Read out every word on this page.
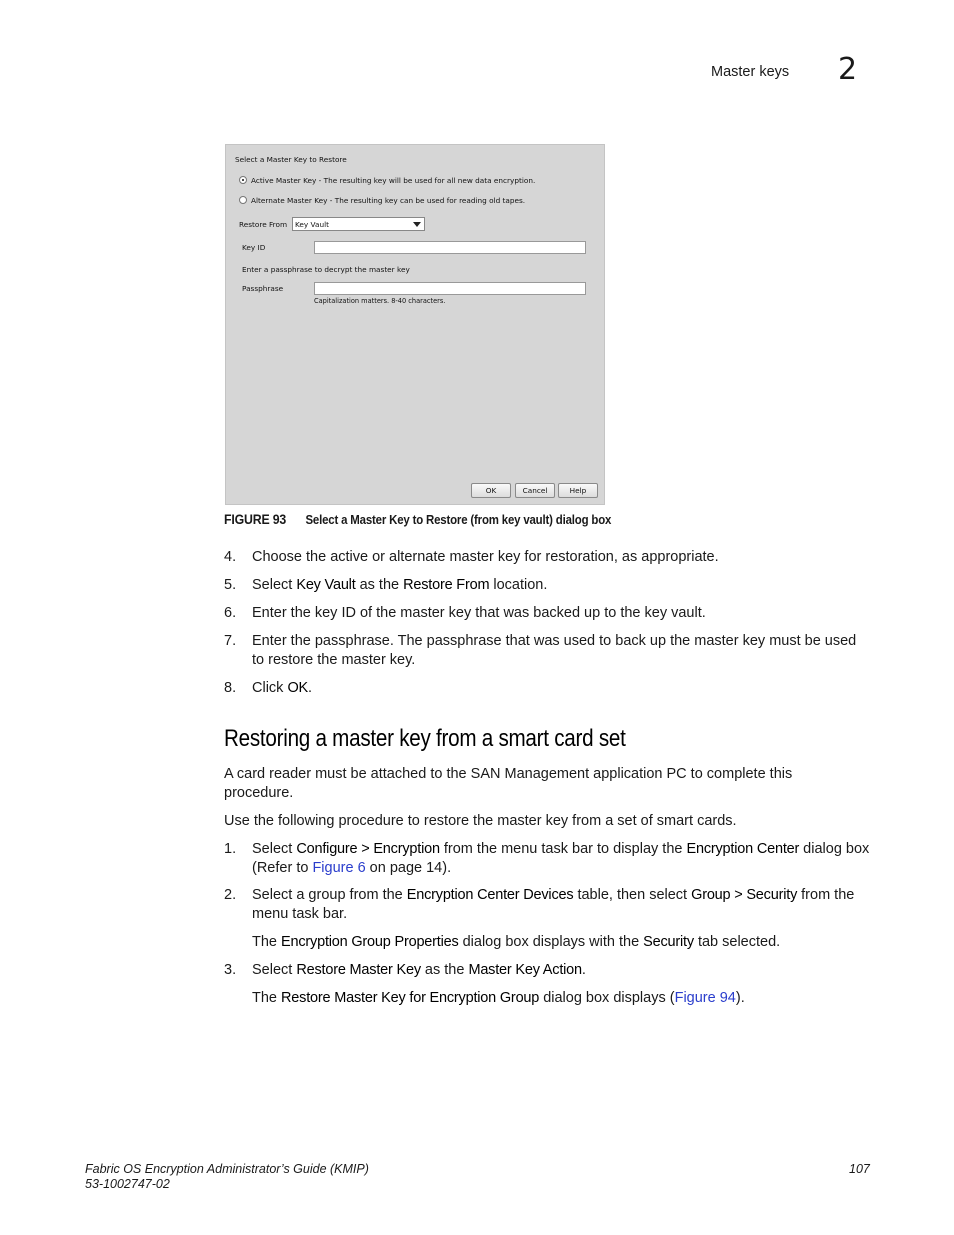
Master keys 2
Select a Master Key to Restore
Active Master Key - The resulting key will be used for all new data encryption.
Alternate Master Key - The resulting key can be used for reading old tapes.
Restore From Key Vault
Key ID
Enter a passphrase to decrypt the master key
Passphrase
Capitalization matters. 8-40 characters.
OK	Cancel	Help
FIGURE 93 Select a Master Key to Restore (from key vault) dialog box
4. Choose the active or alternate master key for restoration, as appropriate.
5. Select Key Vault as the Restore From location.
6. Enter the key ID of the master key that was backed up to the key vault.
7. Enter the passphrase. The passphrase that was used to back up the master key must be used to restore the master key.
8. Click OK.
Restoring a master key from a smart card set
A card reader must be attached to the SAN Management application PC to complete this procedure.
Use the following procedure to restore the master key from a set of smart cards.
1. Select Configure > Encryption from the menu task bar to display the Encryption Center dialog box (Refer to Figure 6 on page 14).
2. Select a group from the Encryption Center Devices table, then select Group > Security from the menu task bar.
The Encryption Group Properties dialog box displays with the Security tab selected.
3. Select Restore Master Key as the Master Key Action.
The Restore Master Key for Encryption Group dialog box displays (Figure 94).
Fabric OS Encryption Administrator’s Guide (KMIP)
53-1002747-02
107
